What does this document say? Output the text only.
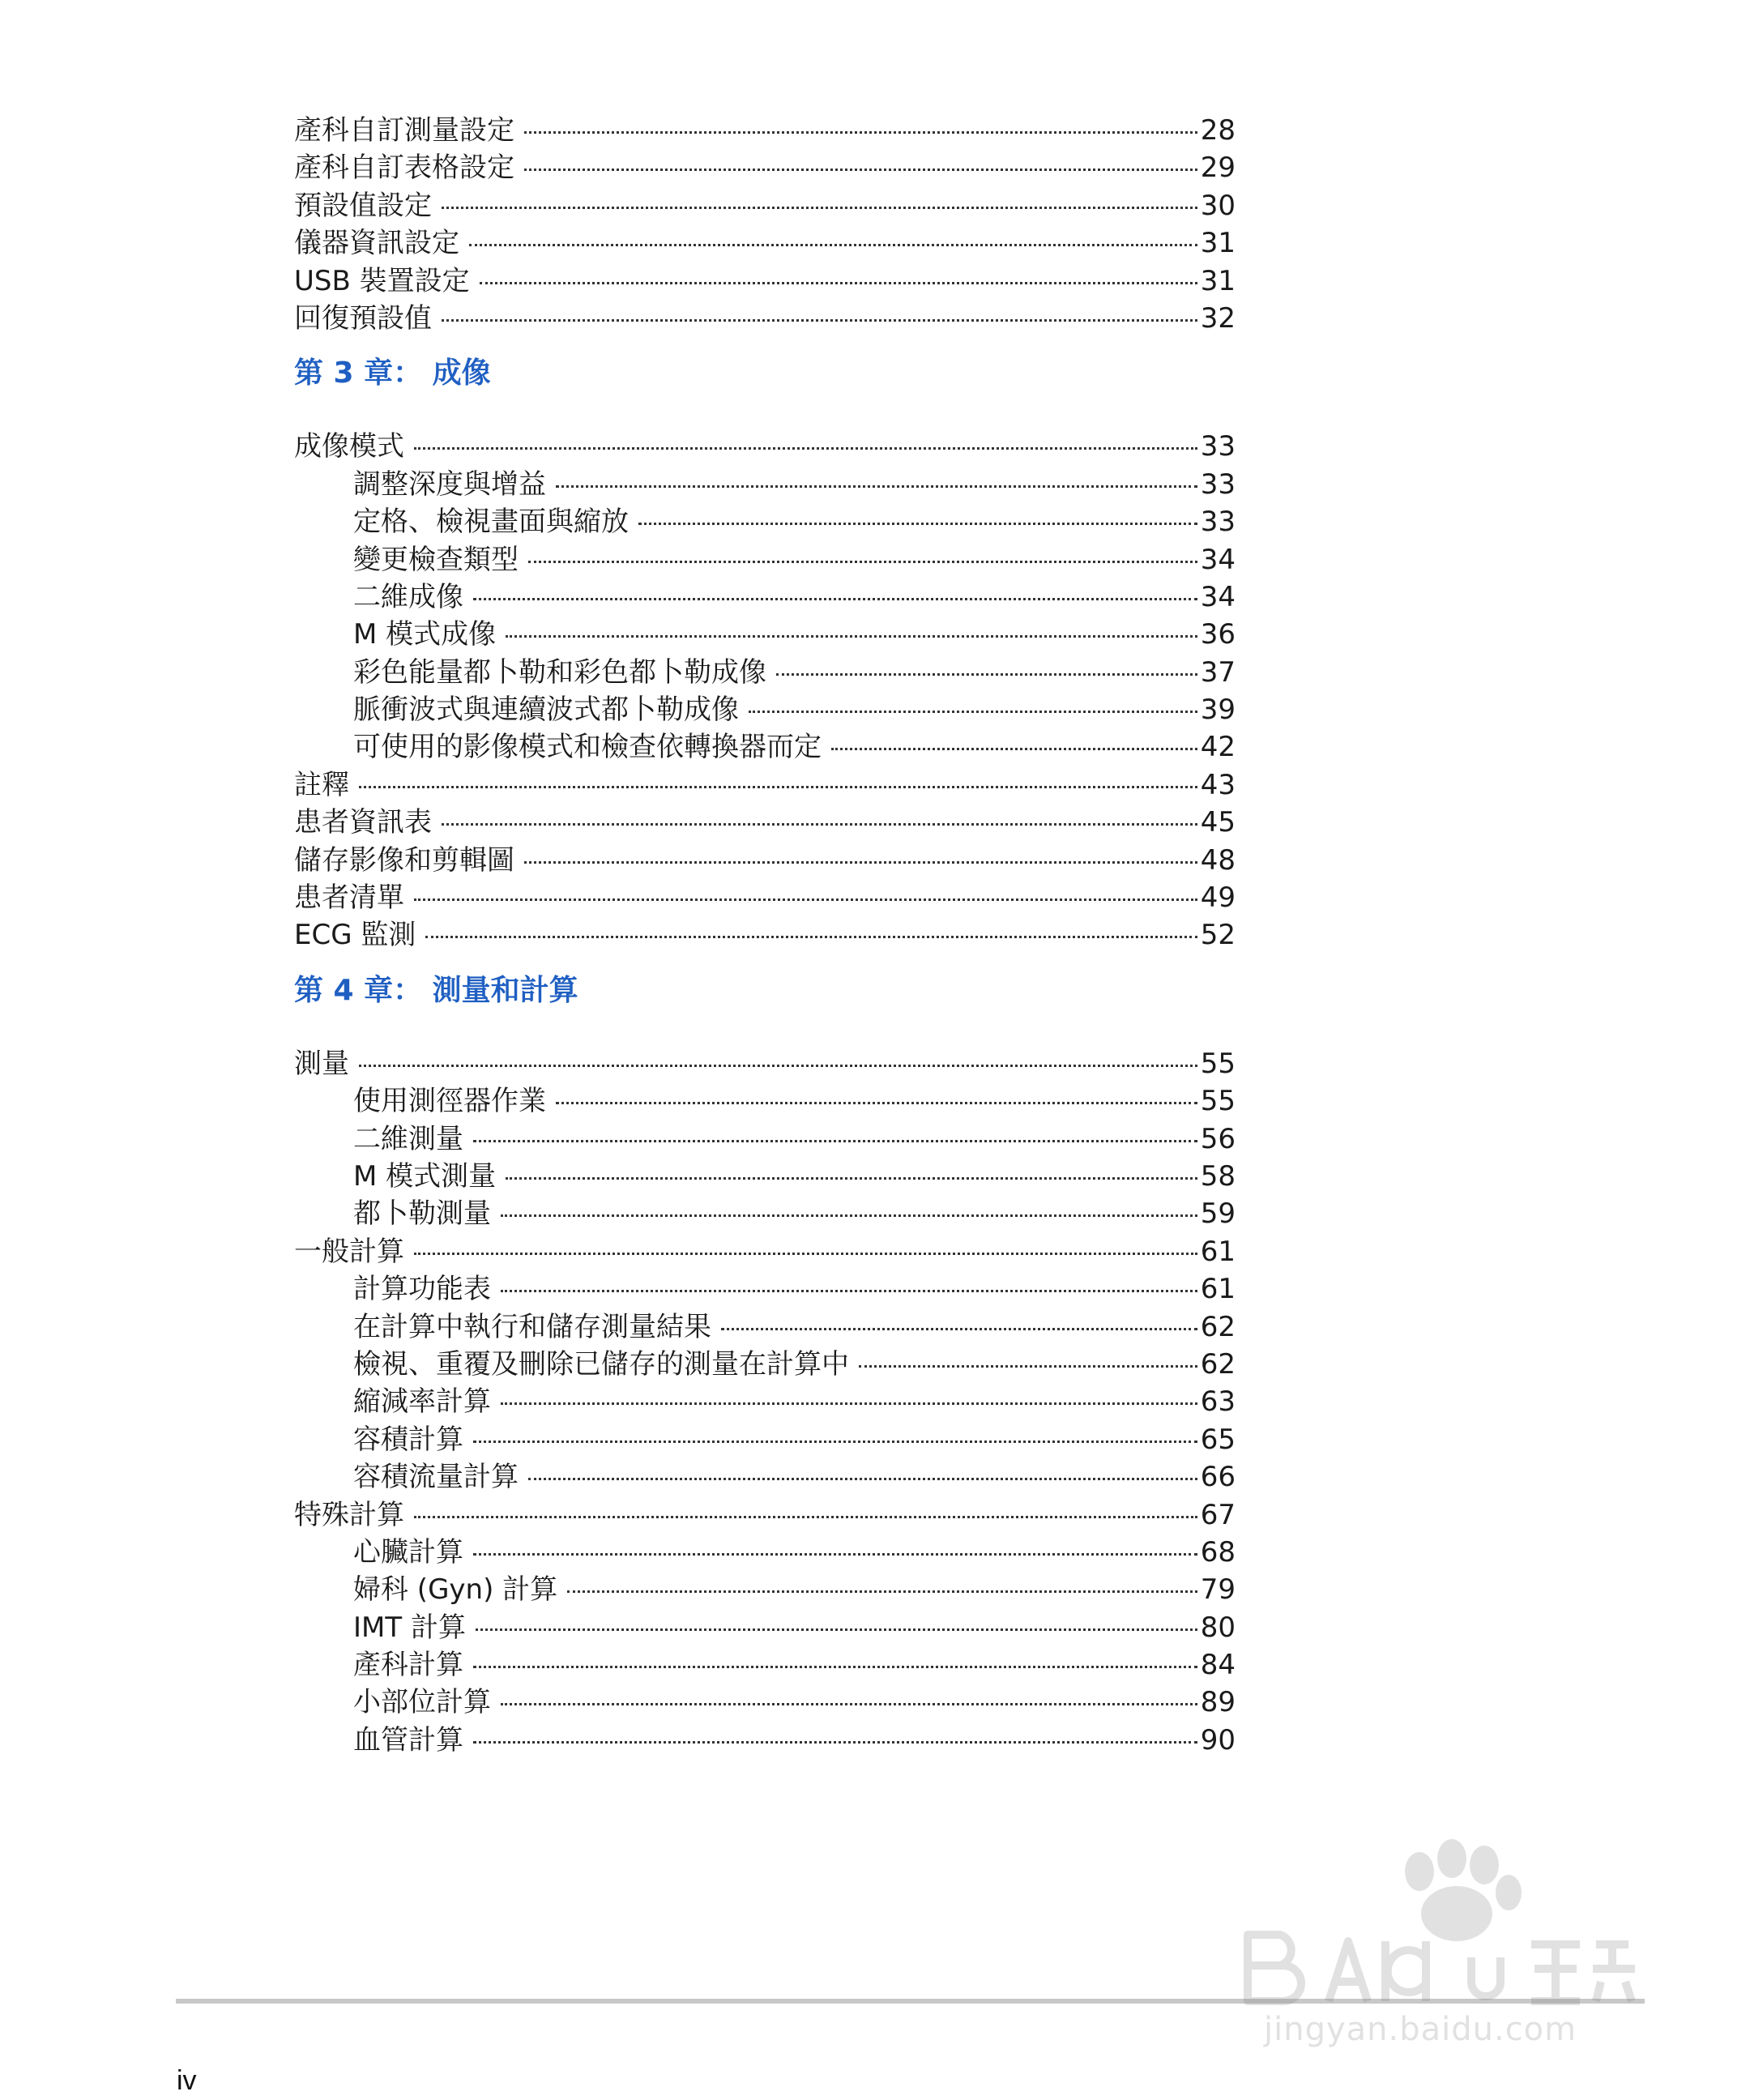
產科自訂測量設定	28
產科自訂表格設定	29
預設值設定	30
儀器資訊設定	31
USB 裝置設定	31
回復預設值	32
第 3 章： 成像
成像模式	33
調整深度與增益	33
定格、檢視畫面與縮放	33
變更檢查類型	34
二維成像	34
M 模式成像	36
彩色能量都卜勒和彩色都卜勒成像	37
脈衝波式與連續波式都卜勒成像	39
可使用的影像模式和檢查依轉換器而定	42
註釋	43
患者資訊表	45
儲存影像和剪輯圖	48
患者清單	49
ECG 監測	52
第 4 章： 測量和計算
測量	55
使用測徑器作業	55
二維測量	56
M 模式測量	58
都卜勒測量	59
一般計算	61
計算功能表	61
在計算中執行和儲存測量結果	62
檢視、重覆及刪除已儲存的測量在計算中	62
縮減率計算	63
容積計算	65
容積流量計算	66
特殊計算	67
心臟計算	68
婦科 (Gyn) 計算	79
IMT 計算	80
產科計算	84
小部位計算	89
血管計算	90
iv
jingyan.baidu.com
